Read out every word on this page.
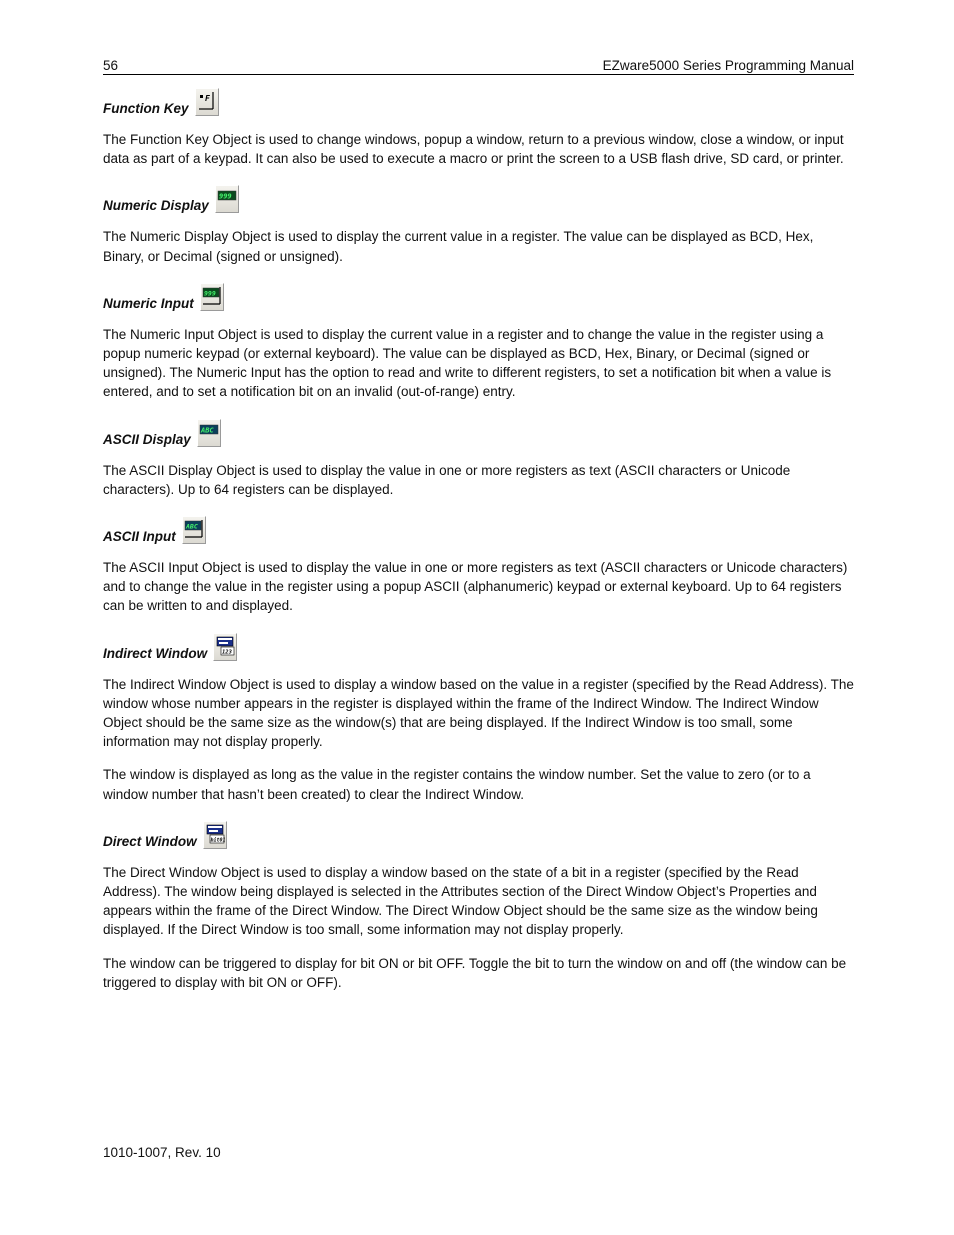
56	EZware5000 Series Programming Manual
Function Key
F

The Function Key Object is used to change windows, popup a window, return to a previous window, close a window, or input data as part of a keypad. It can also be used to execute a macro or print the screen to a USB flash drive, SD card, or printer.

Numeric Display
999

The Numeric Display Object is used to display the current value in a register. The value can be displayed as BCD, Hex, Binary, or Decimal (signed or unsigned).

Numeric Input
999

The Numeric Input Object is used to display the current value in a register and to change the value in the register using a popup numeric keypad (or external keyboard). The value can be displayed as BCD, Hex, Binary, or Decimal (signed or unsigned). The Numeric Input has the option to read and write to different registers, to set a notification bit when a value is entered, and to set a notification bit on an invalid (out-of-range) entry.

ASCII Display
ABC

The ASCII Display Object is used to display the value in one or more registers as text (ASCII characters or Unicode characters). Up to 64 registers can be displayed.

ASCII Input
ABC

The ASCII Input Object is used to display the value in one or more registers as text (ASCII characters or Unicode characters) and to change the value in the register using a popup ASCII (alphanumeric) keypad or external keyboard. Up to 64 registers can be written to and displayed.

Indirect Window	123

The Indirect Window Object is used to display a window based on the value in a register (specified by the Read Address). The window whose number appears in the register is displayed within the frame of the Indirect Window. The Indirect Window Object should be the same size as the window(s) that are being displayed. If the Indirect Window is too small, some information may not display properly.

The window is displayed as long as the value in the register contains the window number. Set the value to zero (or to a window number that hasn’t been created) to clear the Indirect Window.

Direct Window	bit01

The Direct Window Object is used to display a window based on the state of a bit in a register (specified by the Read Address). The window being displayed is selected in the Attributes section of the Direct Window Object’s Properties and appears within the frame of the Direct Window. The Direct Window Object should be the same size as the window being displayed. If the Direct Window is too small, some information may not display properly.

The window can be triggered to display for bit ON or bit OFF. Toggle the bit to turn the window on and off (the window can be triggered to display with bit ON or OFF).

1010-1007, Rev. 10
